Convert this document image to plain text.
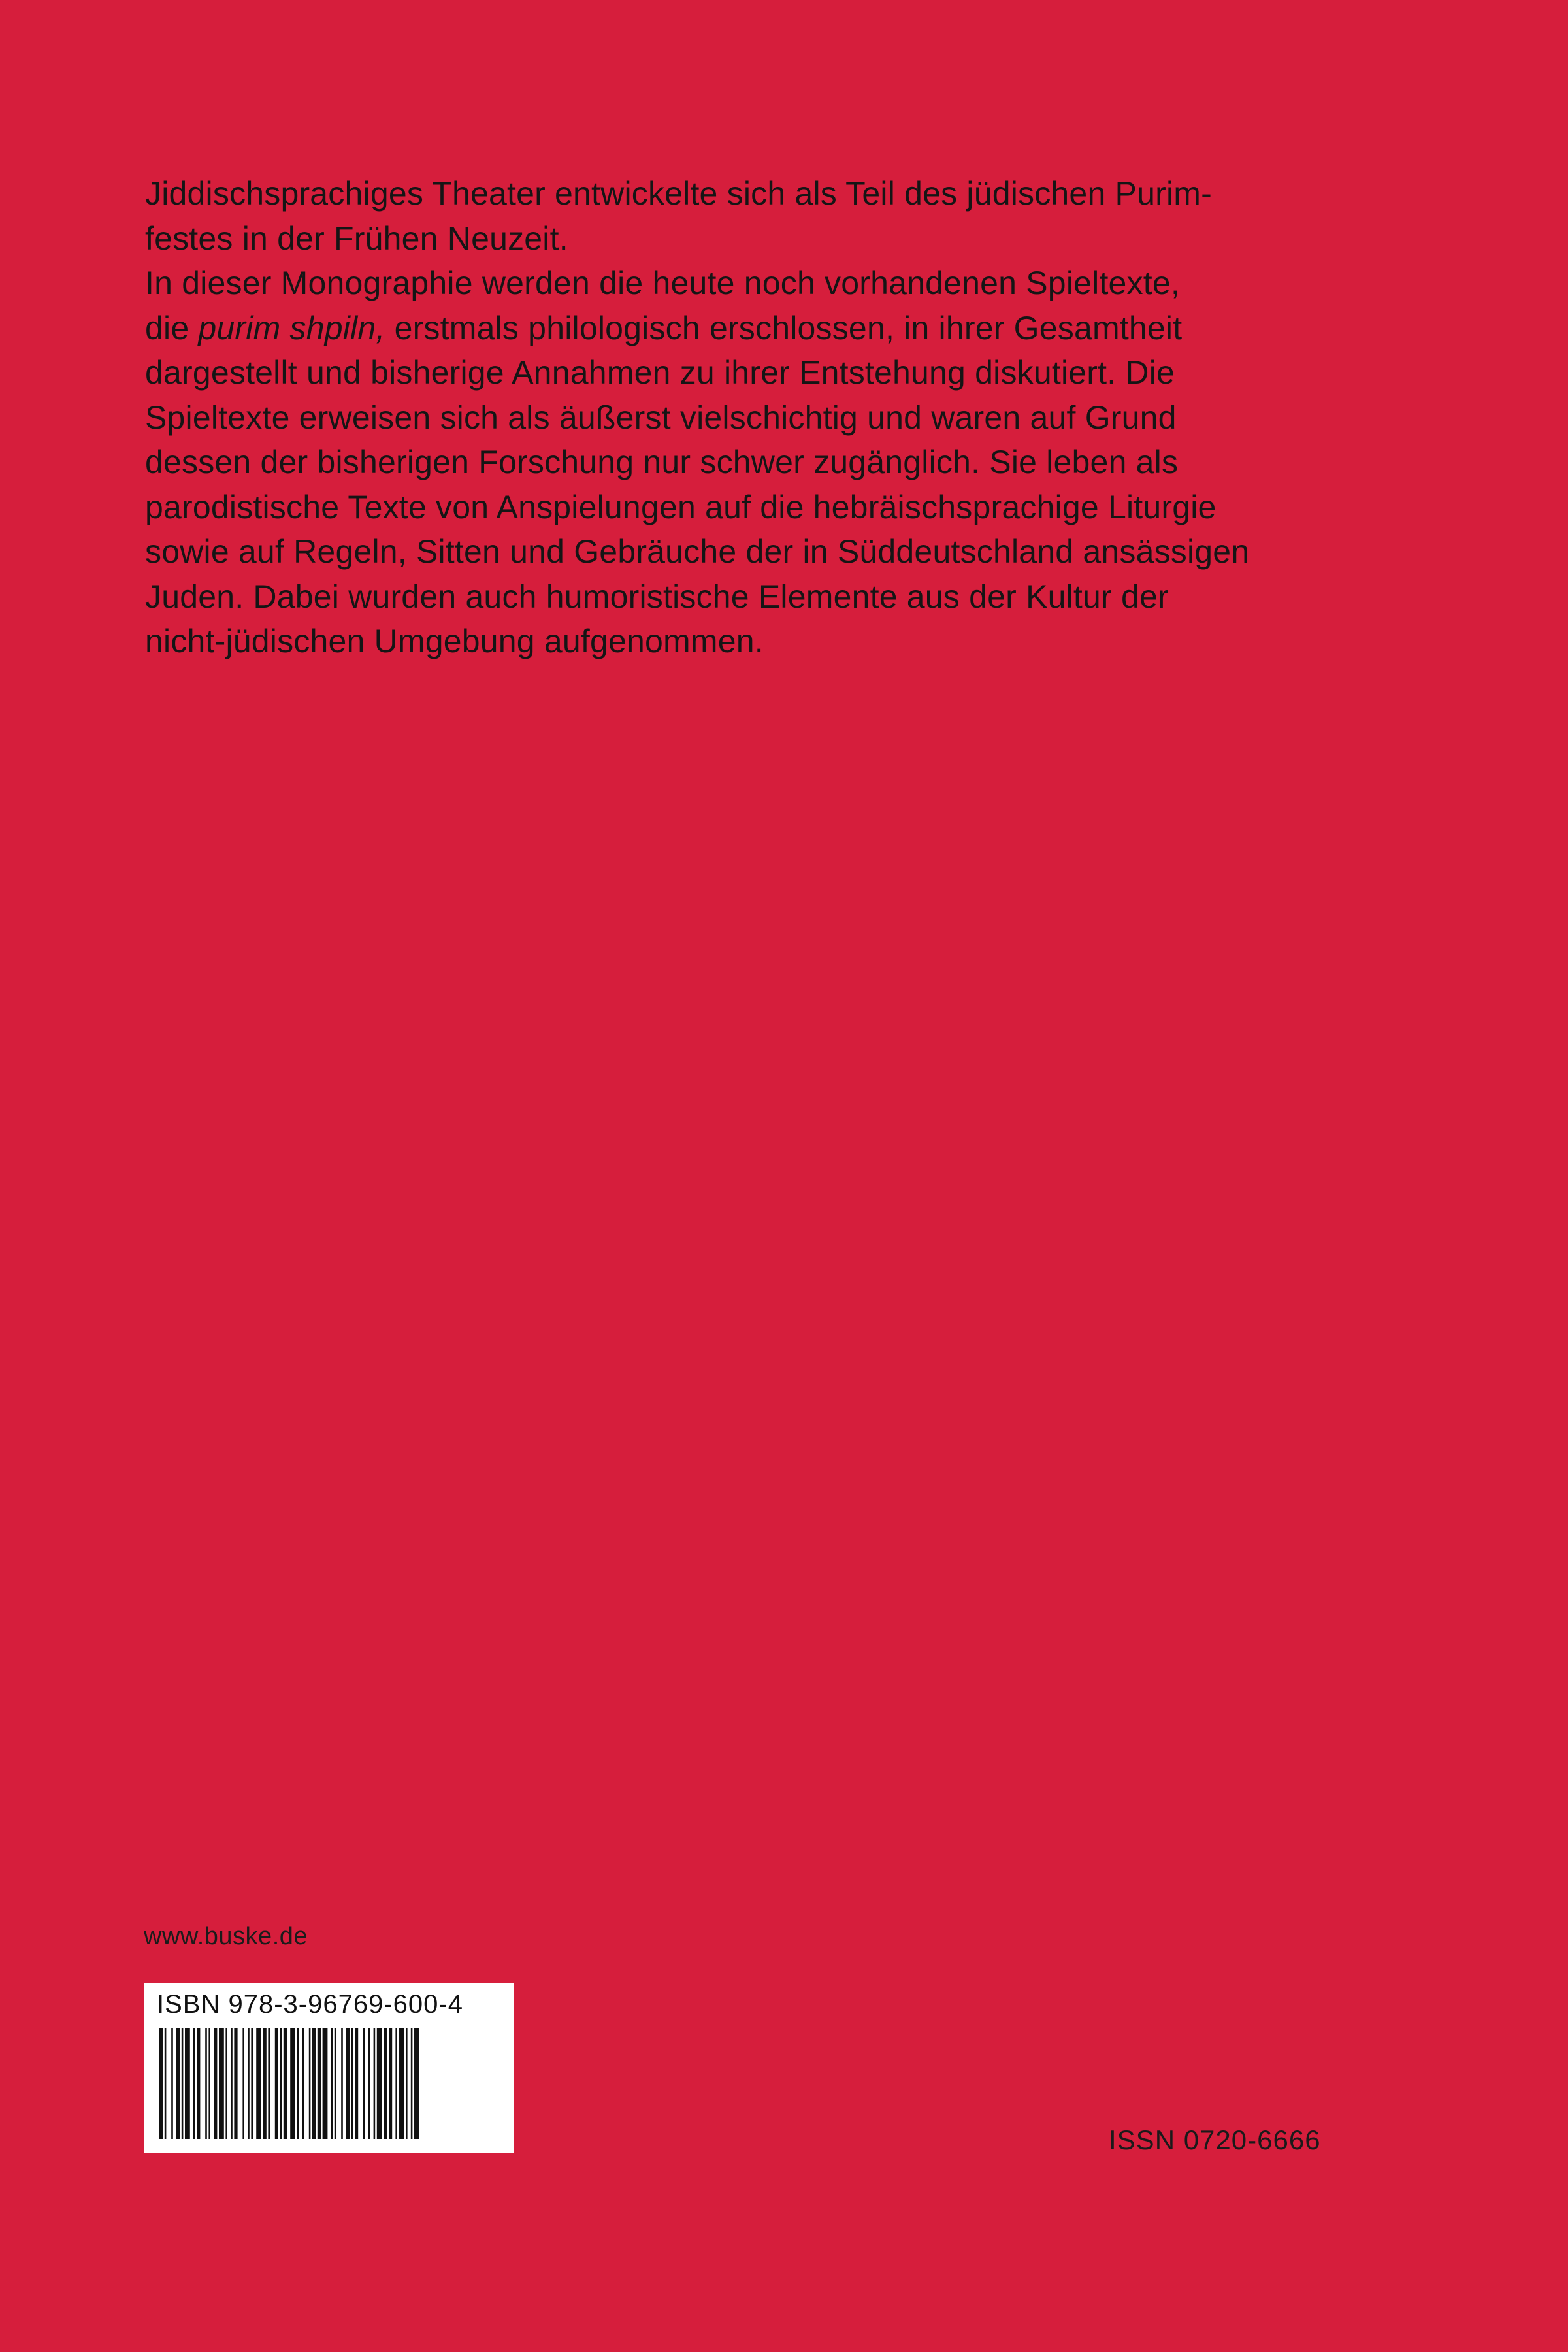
Jiddischsprachiges Theater entwickelte sich als Teil des jüdischen Purim-
festes in der Frühen Neuzeit.
In dieser Monographie werden die heute noch vorhandenen Spieltexte,
die purim shpiln, erstmals philologisch erschlossen, in ihrer Gesamtheit
dargestellt und bisherige Annahmen zu ihrer Entstehung diskutiert. Die
Spieltexte erweisen sich als äußerst vielschichtig und waren auf Grund
dessen der bisherigen Forschung nur schwer zugänglich. Sie leben als
parodistische Texte von Anspielungen auf die hebräischsprachige Liturgie
sowie auf Regeln, Sitten und Gebräuche der in Süddeutschland ansässigen
Juden. Dabei wurden auch humoristische Elemente aus der Kultur der
nicht-jüdischen Umgebung aufgenommen.
www.buske.de
ISBN 978-3-96769-600-4
ISSN 0720-6666
